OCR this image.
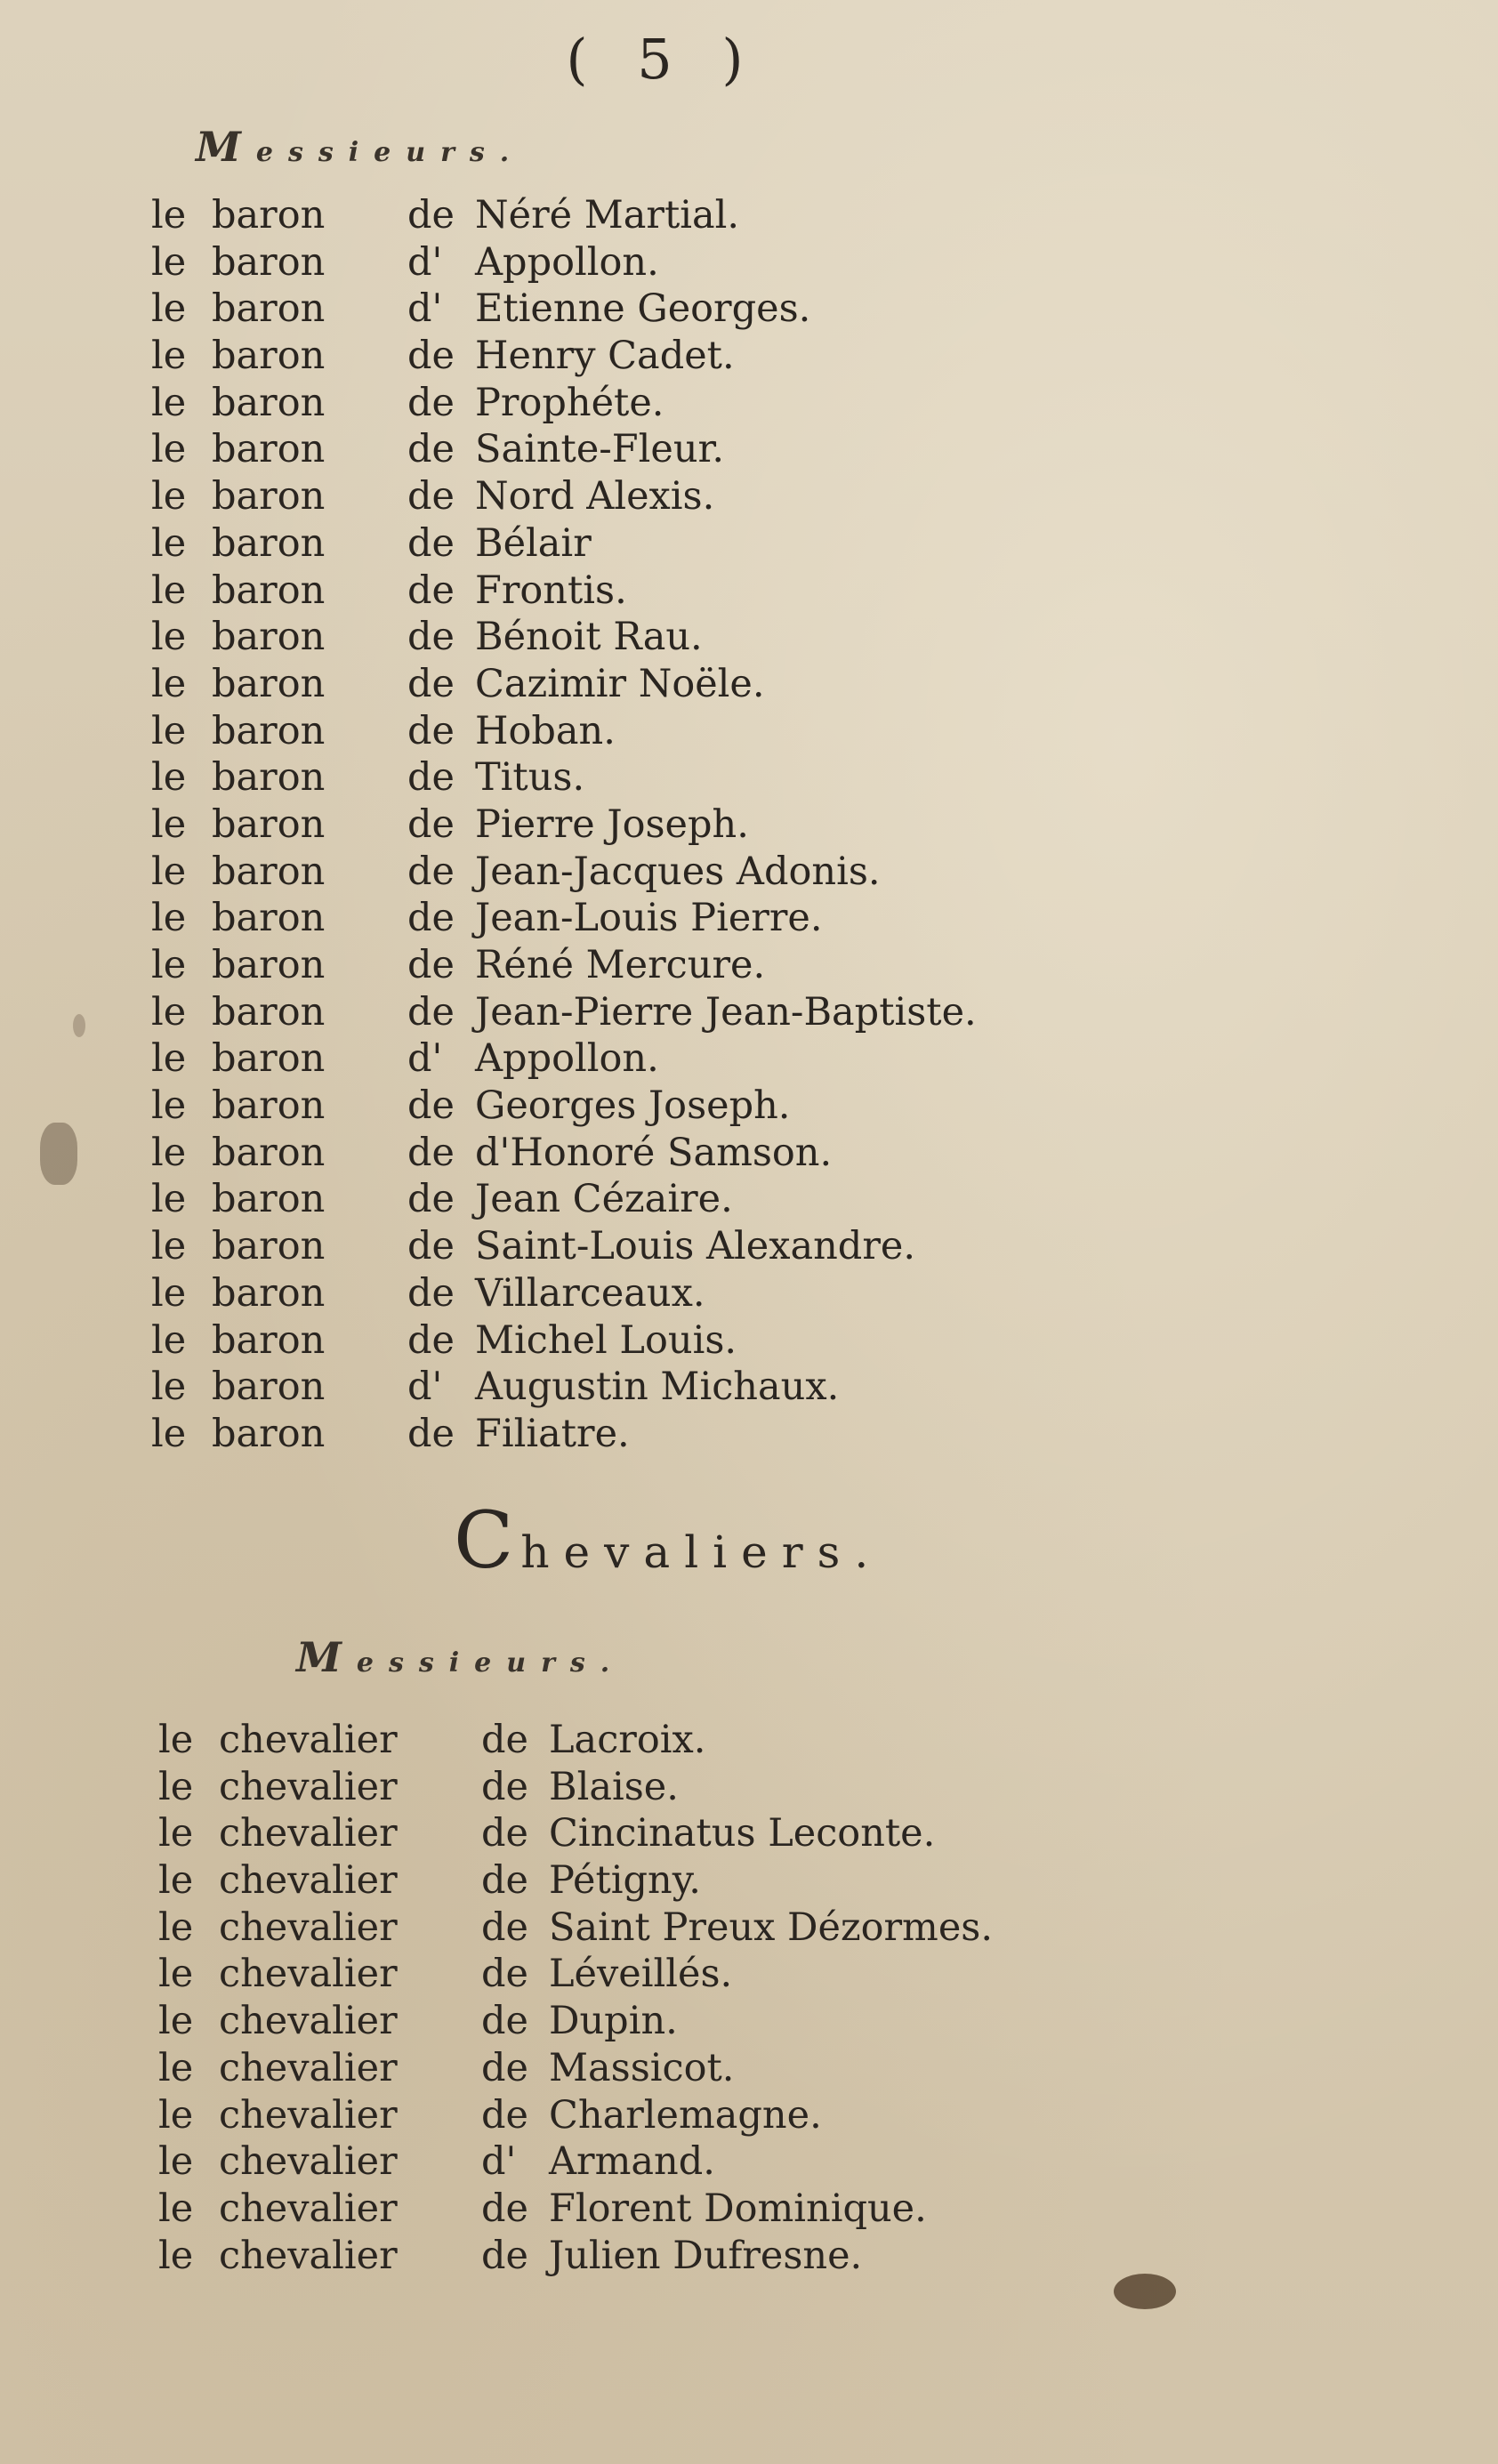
( 5 )
Messieurs.
le baron de Néré Martial.
le baron d' Appollon.
le baron d' Etienne Georges.
le baron de Henry Cadet.
le baron de Prophéte.
le baron de Sainte-Fleur.
le baron de Nord Alexis.
le baron de Bélair
le baron de Frontis.
le baron de Bénoit Rau.
le baron de Cazimir Noële.
le baron de Hoban.
le baron de Titus.
le baron de Pierre Joseph.
le baron de Jean-Jacques Adonis.
le baron de Jean-Louis Pierre.
le baron de Réné Mercure.
le baron de Jean-Pierre Jean-Baptiste.
le baron d' Appollon.
le baron de Georges Joseph.
le baron de d'Honoré Samson.
le baron de Jean Cézaire.
le baron de Saint-Louis Alexandre.
le baron de Villarceaux.
le baron de Michel Louis.
le baron d' Augustin Michaux.
le baron de Filiatre.
Chevaliers.
Messieurs.
le chevalier de Lacroix.
le chevalier de Blaise.
le chevalier de Cincinatus Leconte.
le chevalier de Pétigny.
le chevalier de Saint Preux Dézormes.
le chevalier de Léveillés.
le chevalier de Dupin.
le chevalier de Massicot.
le chevalier de Charlemagne.
le chevalier d' Armand.
le chevalier de Florent Dominique.
le chevalier de Julien Dufresne.
